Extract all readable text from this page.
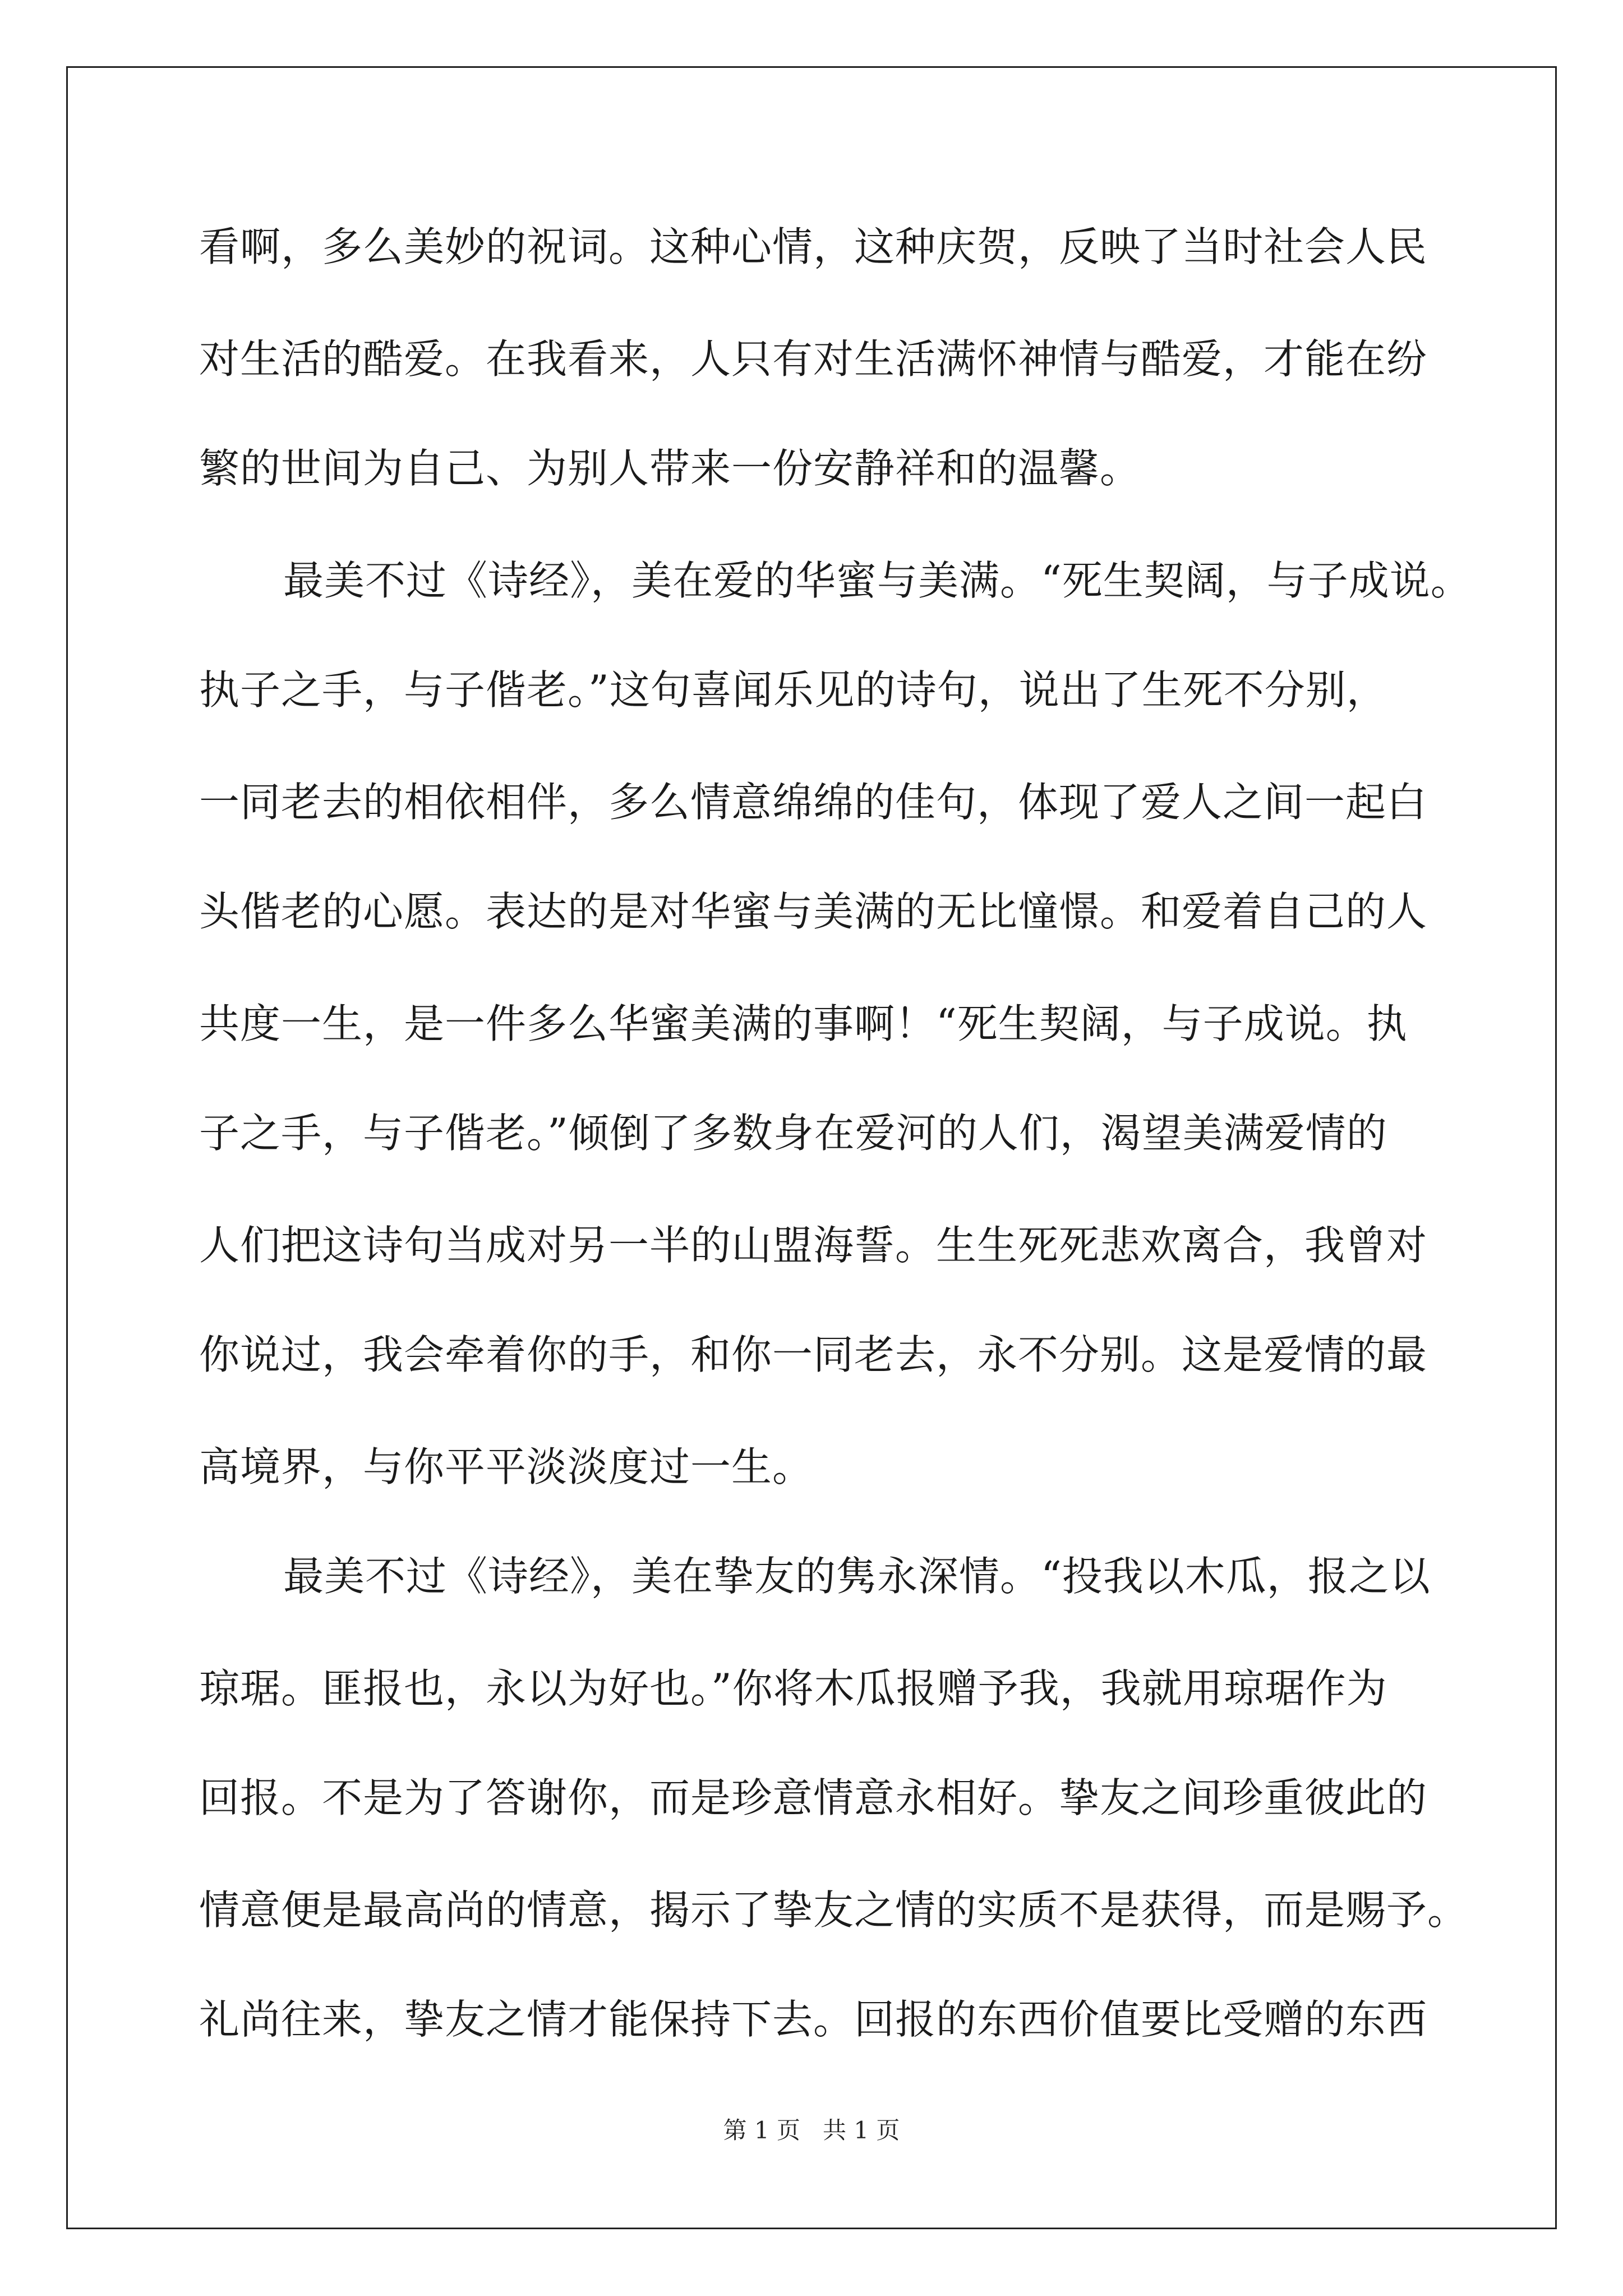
看啊，多么美妙的祝词。这种心情，这种庆贺，反映了当时社会人民
对生活的酷爱。在我看来，人只有对生活满怀神情与酷爱，才能在纷
繁的世间为自己、为别人带来一份安静祥和的温馨。
最美不过《诗经》，美在爱的华蜜与美满。“死生契阔，与子成说。
执子之手，与子偕老。”这句喜闻乐见的诗句，说出了生死不分别，
一同老去的相依相伴，多么情意绵绵的佳句，体现了爱人之间一起白
头偕老的心愿。表达的是对华蜜与美满的无比憧憬。和爱着自己的人
共度一生，是一件多么华蜜美满的事啊！“死生契阔，与子成说。执
子之手，与子偕老。”倾倒了多数身在爱河的人们，渴望美满爱情的
人们把这诗句当成对另一半的山盟海誓。生生死死悲欢离合，我曾对
你说过，我会牵着你的手，和你一同老去，永不分别。这是爱情的最
高境界，与你平平淡淡度过一生。
最美不过《诗经》，美在挚友的隽永深情。“投我以木瓜，报之以
琼琚。匪报也，永以为好也。”你将木瓜报赠予我，我就用琼琚作为
回报。不是为了答谢你，而是珍意情意永相好。挚友之间珍重彼此的
情意便是最高尚的情意，揭示了挚友之情的实质不是获得，而是赐予。
礼尚往来，挚友之情才能保持下去。回报的东西价值要比受赠的东西
第 1 页 共 1 页
